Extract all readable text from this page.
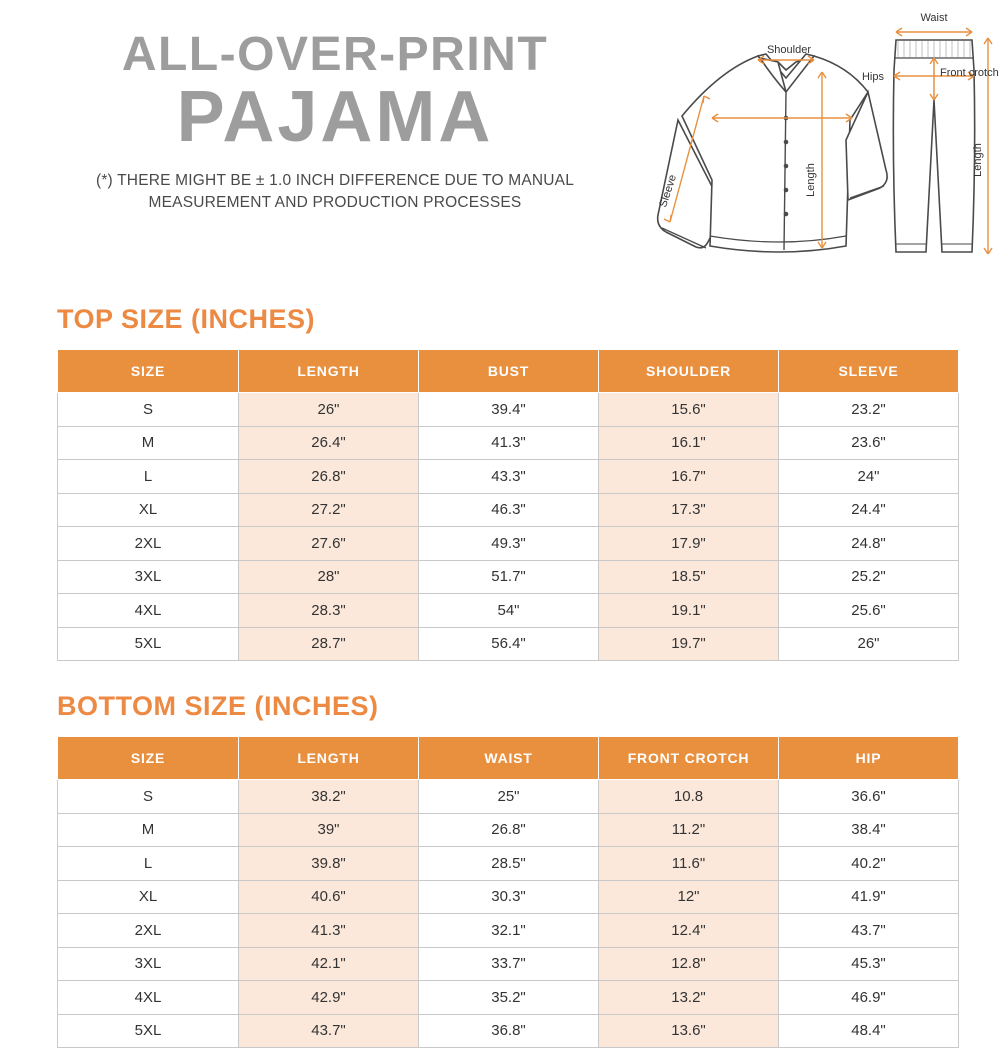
ALL-OVER-PRINT
PAJAMA
(*) THERE MIGHT BE ± 1.0 INCH DIFFERENCE DUE TO MANUAL MEASUREMENT AND PRODUCTION PROCESSES
Shoulder
Sleeve	Length
Waist
Hips	Front crotch
Length
TOP SIZE (INCHES)
SIZE	LENGTH	BUST	SHOULDER	SLEEVE
S	26"	39.4"	15.6"	23.2"
M	26.4"	41.3"	16.1"	23.6"
L	26.8"	43.3"	16.7"	24"
XL	27.2"	46.3"	17.3"	24.4"
2XL	27.6"	49.3"	17.9"	24.8"
3XL	28"	51.7"	18.5"	25.2"
4XL	28.3"	54"	19.1"	25.6"
5XL	28.7"	56.4"	19.7"	26"
BOTTOM SIZE (INCHES)
SIZE	LENGTH	WAIST	FRONT CROTCH	HIP
S	38.2"	25"	10.8	36.6"
M	39"	26.8"	11.2"	38.4"
L	39.8"	28.5"	11.6"	40.2"
XL	40.6"	30.3"	12"	41.9"
2XL	41.3"	32.1"	12.4"	43.7"
3XL	42.1"	33.7"	12.8"	45.3"
4XL	42.9"	35.2"	13.2"	46.9"
5XL	43.7"	36.8"	13.6"	48.4"
